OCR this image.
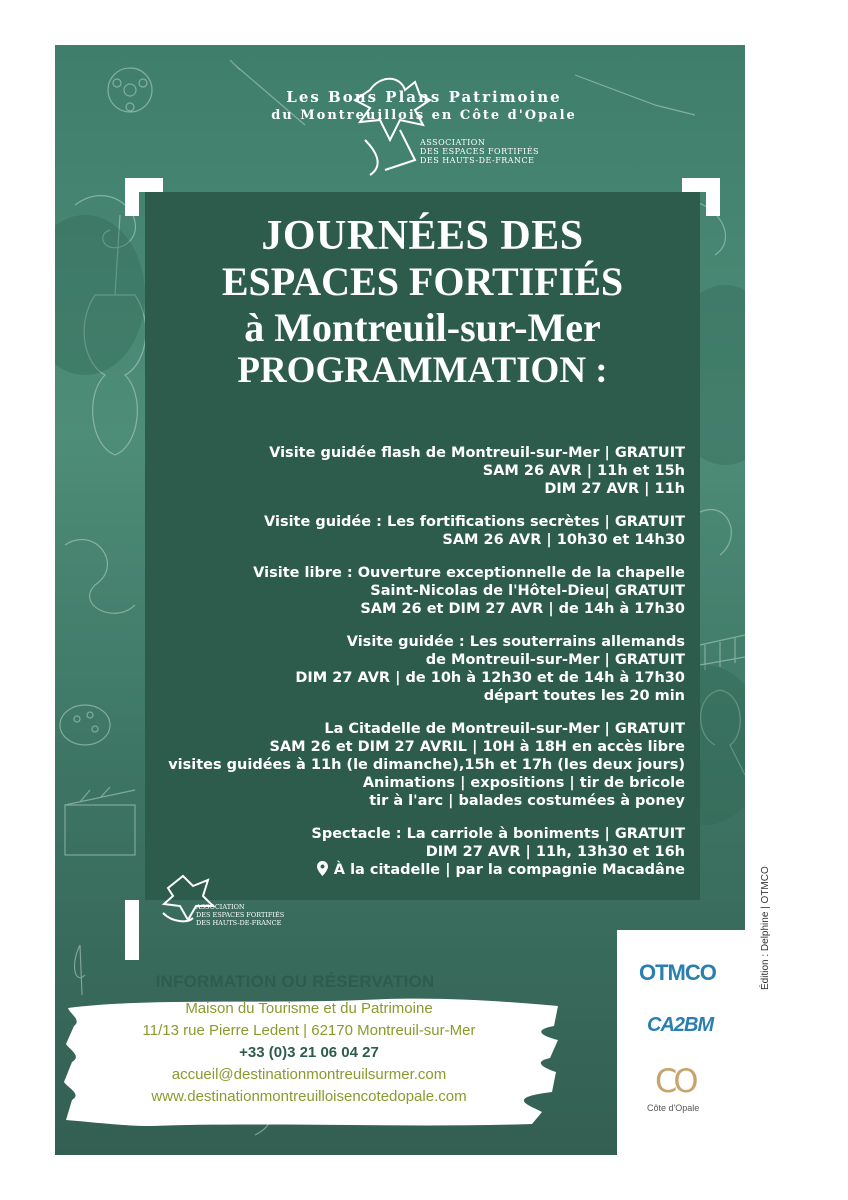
Les Bons Plans Patrimoine
du Montreuillois en Côte d'Opale
ASSOCIATION
DES ESPACES FORTIFIÉS
DES HAUTS-DE-FRANCE
JOURNÉES DES
ESPACES FORTIFIÉS
à Montreuil-sur-Mer
PROGRAMMATION :
Visite guidée flash de Montreuil-sur-Mer | GRATUIT
SAM 26 AVR | 11h et 15h
DIM 27 AVR | 11h
Visite guidée : Les fortifications secrètes | GRATUIT
SAM 26 AVR | 10h30 et 14h30
Visite libre : Ouverture exceptionnelle de la chapelle
Saint-Nicolas de l'Hôtel-Dieu| GRATUIT
SAM 26 et DIM 27 AVR | de 14h à 17h30
Visite guidée : Les souterrains allemands
de Montreuil-sur-Mer | GRATUIT
DIM 27 AVR | de 10h à 12h30 et de 14h à 17h30
départ toutes les 20 min
La Citadelle de Montreuil-sur-Mer | GRATUIT
SAM 26 et DIM 27 AVRIL | 10H à 18H en accès libre
visites guidées à 11h (le dimanche),15h et 17h (les deux jours)
Animations | expositions | tir de bricole
tir à l'arc | balades costumées à poney
Spectacle : La carriole à boniments | GRATUIT
DIM 27 AVR | 11h, 13h30 et 16h
À la citadelle | par la compagnie Macadâne
ASSOCIATION
DES ESPACES FORTIFIÉS
DES HAUTS-DE-FRANCE
INFORMATION OU RÉSERVATION
Maison du Tourisme et du Patrimoine
11/13 rue Pierre Ledent | 62170 Montreuil-sur-Mer
+33 (0)3 21 06 04 27
accueil@destinationmontreuilsurmer.com
www.destinationmontreuilloisencotedopale.com
OTMCO
CA2BM
CO
Côte d'Opale
Édition : Delphine | OTMCO
